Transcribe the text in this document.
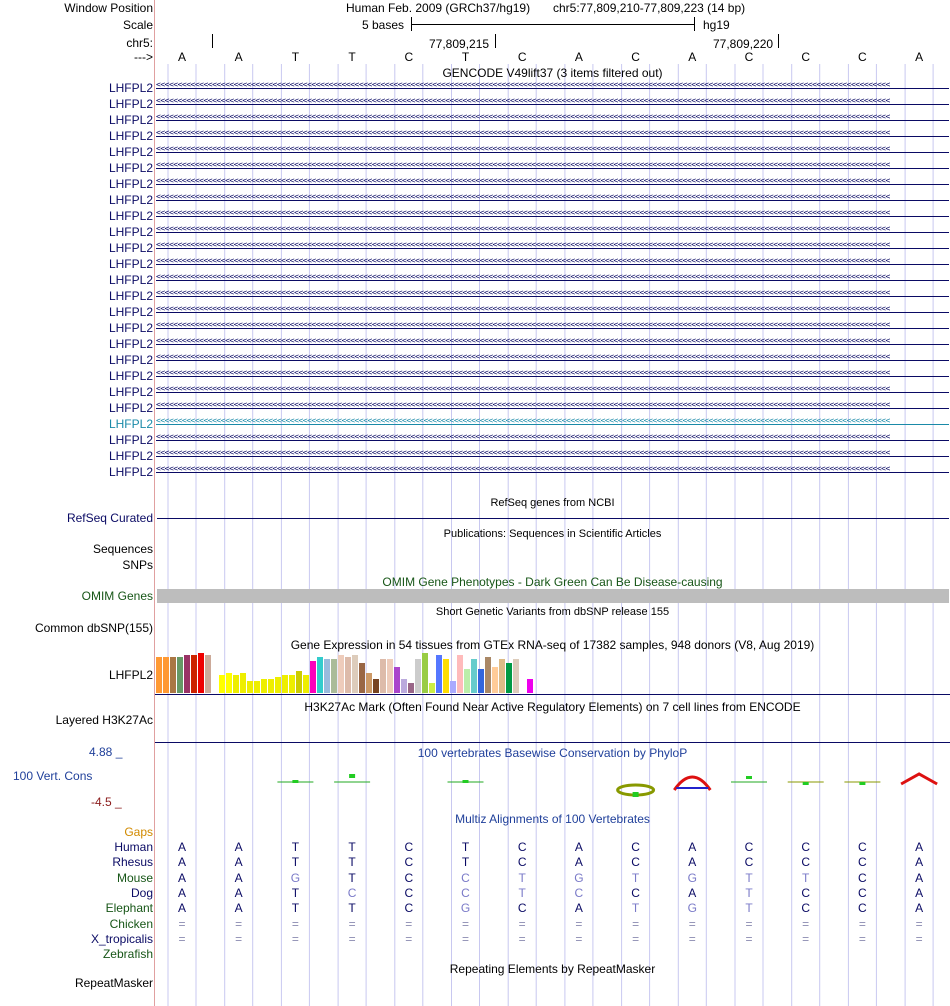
Window Position	Human Feb. 2009 (GRCh37/hg19) chr5:77,809,210-77,809,223 (14 bp)
Scale	5 bases	hg19
chr5:	77,809,215	77,809,220
--->	A	A	T	T	C	T	C	A	C	A	C	C	C	A
GENCODE V49lift37 (3 items filtered out)
LHFPL2 <<<<<<<<<<<<<<<<<<<<<<<<<<<<<<<<<<<<<<<<<<<<<<<<<<<<<<<<<<<<<<<<<<<<<<<<<<<<<<<<<<<<<<<<<<<<<<<<<<<<<<<<<<<<<<<<<<<<<<<<<<<<<<<<<<<<<<<<<<<<<<<<<<<<<<<<<<<<<<<<<<<<<<<<<<
LHFPL2 <<<<<<<<<<<<<<<<<<<<<<<<<<<<<<<<<<<<<<<<<<<<<<<<<<<<<<<<<<<<<<<<<<<<<<<<<<<<<<<<<<<<<<<<<<<<<<<<<<<<<<<<<<<<<<<<<<<<<<<<<<<<<<<<<<<<<<<<<<<<<<<<<<<<<<<<<<<<<<<<<<<<<<<<<<
LHFPL2 <<<<<<<<<<<<<<<<<<<<<<<<<<<<<<<<<<<<<<<<<<<<<<<<<<<<<<<<<<<<<<<<<<<<<<<<<<<<<<<<<<<<<<<<<<<<<<<<<<<<<<<<<<<<<<<<<<<<<<<<<<<<<<<<<<<<<<<<<<<<<<<<<<<<<<<<<<<<<<<<<<<<<<<<<<
LHFPL2 <<<<<<<<<<<<<<<<<<<<<<<<<<<<<<<<<<<<<<<<<<<<<<<<<<<<<<<<<<<<<<<<<<<<<<<<<<<<<<<<<<<<<<<<<<<<<<<<<<<<<<<<<<<<<<<<<<<<<<<<<<<<<<<<<<<<<<<<<<<<<<<<<<<<<<<<<<<<<<<<<<<<<<<<<<
LHFPL2 <<<<<<<<<<<<<<<<<<<<<<<<<<<<<<<<<<<<<<<<<<<<<<<<<<<<<<<<<<<<<<<<<<<<<<<<<<<<<<<<<<<<<<<<<<<<<<<<<<<<<<<<<<<<<<<<<<<<<<<<<<<<<<<<<<<<<<<<<<<<<<<<<<<<<<<<<<<<<<<<<<<<<<<<<<
LHFPL2 <<<<<<<<<<<<<<<<<<<<<<<<<<<<<<<<<<<<<<<<<<<<<<<<<<<<<<<<<<<<<<<<<<<<<<<<<<<<<<<<<<<<<<<<<<<<<<<<<<<<<<<<<<<<<<<<<<<<<<<<<<<<<<<<<<<<<<<<<<<<<<<<<<<<<<<<<<<<<<<<<<<<<<<<<<
LHFPL2 <<<<<<<<<<<<<<<<<<<<<<<<<<<<<<<<<<<<<<<<<<<<<<<<<<<<<<<<<<<<<<<<<<<<<<<<<<<<<<<<<<<<<<<<<<<<<<<<<<<<<<<<<<<<<<<<<<<<<<<<<<<<<<<<<<<<<<<<<<<<<<<<<<<<<<<<<<<<<<<<<<<<<<<<<<
LHFPL2 <<<<<<<<<<<<<<<<<<<<<<<<<<<<<<<<<<<<<<<<<<<<<<<<<<<<<<<<<<<<<<<<<<<<<<<<<<<<<<<<<<<<<<<<<<<<<<<<<<<<<<<<<<<<<<<<<<<<<<<<<<<<<<<<<<<<<<<<<<<<<<<<<<<<<<<<<<<<<<<<<<<<<<<<<<
LHFPL2 <<<<<<<<<<<<<<<<<<<<<<<<<<<<<<<<<<<<<<<<<<<<<<<<<<<<<<<<<<<<<<<<<<<<<<<<<<<<<<<<<<<<<<<<<<<<<<<<<<<<<<<<<<<<<<<<<<<<<<<<<<<<<<<<<<<<<<<<<<<<<<<<<<<<<<<<<<<<<<<<<<<<<<<<<<
LHFPL2 <<<<<<<<<<<<<<<<<<<<<<<<<<<<<<<<<<<<<<<<<<<<<<<<<<<<<<<<<<<<<<<<<<<<<<<<<<<<<<<<<<<<<<<<<<<<<<<<<<<<<<<<<<<<<<<<<<<<<<<<<<<<<<<<<<<<<<<<<<<<<<<<<<<<<<<<<<<<<<<<<<<<<<<<<<
LHFPL2 <<<<<<<<<<<<<<<<<<<<<<<<<<<<<<<<<<<<<<<<<<<<<<<<<<<<<<<<<<<<<<<<<<<<<<<<<<<<<<<<<<<<<<<<<<<<<<<<<<<<<<<<<<<<<<<<<<<<<<<<<<<<<<<<<<<<<<<<<<<<<<<<<<<<<<<<<<<<<<<<<<<<<<<<<<
LHFPL2 <<<<<<<<<<<<<<<<<<<<<<<<<<<<<<<<<<<<<<<<<<<<<<<<<<<<<<<<<<<<<<<<<<<<<<<<<<<<<<<<<<<<<<<<<<<<<<<<<<<<<<<<<<<<<<<<<<<<<<<<<<<<<<<<<<<<<<<<<<<<<<<<<<<<<<<<<<<<<<<<<<<<<<<<<<
LHFPL2 <<<<<<<<<<<<<<<<<<<<<<<<<<<<<<<<<<<<<<<<<<<<<<<<<<<<<<<<<<<<<<<<<<<<<<<<<<<<<<<<<<<<<<<<<<<<<<<<<<<<<<<<<<<<<<<<<<<<<<<<<<<<<<<<<<<<<<<<<<<<<<<<<<<<<<<<<<<<<<<<<<<<<<<<<<
LHFPL2 <<<<<<<<<<<<<<<<<<<<<<<<<<<<<<<<<<<<<<<<<<<<<<<<<<<<<<<<<<<<<<<<<<<<<<<<<<<<<<<<<<<<<<<<<<<<<<<<<<<<<<<<<<<<<<<<<<<<<<<<<<<<<<<<<<<<<<<<<<<<<<<<<<<<<<<<<<<<<<<<<<<<<<<<<<
LHFPL2 <<<<<<<<<<<<<<<<<<<<<<<<<<<<<<<<<<<<<<<<<<<<<<<<<<<<<<<<<<<<<<<<<<<<<<<<<<<<<<<<<<<<<<<<<<<<<<<<<<<<<<<<<<<<<<<<<<<<<<<<<<<<<<<<<<<<<<<<<<<<<<<<<<<<<<<<<<<<<<<<<<<<<<<<<<
LHFPL2 <<<<<<<<<<<<<<<<<<<<<<<<<<<<<<<<<<<<<<<<<<<<<<<<<<<<<<<<<<<<<<<<<<<<<<<<<<<<<<<<<<<<<<<<<<<<<<<<<<<<<<<<<<<<<<<<<<<<<<<<<<<<<<<<<<<<<<<<<<<<<<<<<<<<<<<<<<<<<<<<<<<<<<<<<<
LHFPL2 <<<<<<<<<<<<<<<<<<<<<<<<<<<<<<<<<<<<<<<<<<<<<<<<<<<<<<<<<<<<<<<<<<<<<<<<<<<<<<<<<<<<<<<<<<<<<<<<<<<<<<<<<<<<<<<<<<<<<<<<<<<<<<<<<<<<<<<<<<<<<<<<<<<<<<<<<<<<<<<<<<<<<<<<<<
LHFPL2 <<<<<<<<<<<<<<<<<<<<<<<<<<<<<<<<<<<<<<<<<<<<<<<<<<<<<<<<<<<<<<<<<<<<<<<<<<<<<<<<<<<<<<<<<<<<<<<<<<<<<<<<<<<<<<<<<<<<<<<<<<<<<<<<<<<<<<<<<<<<<<<<<<<<<<<<<<<<<<<<<<<<<<<<<<
LHFPL2 <<<<<<<<<<<<<<<<<<<<<<<<<<<<<<<<<<<<<<<<<<<<<<<<<<<<<<<<<<<<<<<<<<<<<<<<<<<<<<<<<<<<<<<<<<<<<<<<<<<<<<<<<<<<<<<<<<<<<<<<<<<<<<<<<<<<<<<<<<<<<<<<<<<<<<<<<<<<<<<<<<<<<<<<<<
LHFPL2 <<<<<<<<<<<<<<<<<<<<<<<<<<<<<<<<<<<<<<<<<<<<<<<<<<<<<<<<<<<<<<<<<<<<<<<<<<<<<<<<<<<<<<<<<<<<<<<<<<<<<<<<<<<<<<<<<<<<<<<<<<<<<<<<<<<<<<<<<<<<<<<<<<<<<<<<<<<<<<<<<<<<<<<<<<
LHFPL2 <<<<<<<<<<<<<<<<<<<<<<<<<<<<<<<<<<<<<<<<<<<<<<<<<<<<<<<<<<<<<<<<<<<<<<<<<<<<<<<<<<<<<<<<<<<<<<<<<<<<<<<<<<<<<<<<<<<<<<<<<<<<<<<<<<<<<<<<<<<<<<<<<<<<<<<<<<<<<<<<<<<<<<<<<<
LHFPL2 <<<<<<<<<<<<<<<<<<<<<<<<<<<<<<<<<<<<<<<<<<<<<<<<<<<<<<<<<<<<<<<<<<<<<<<<<<<<<<<<<<<<<<<<<<<<<<<<<<<<<<<<<<<<<<<<<<<<<<<<<<<<<<<<<<<<<<<<<<<<<<<<<<<<<<<<<<<<<<<<<<<<<<<<<<
LHFPL2 <<<<<<<<<<<<<<<<<<<<<<<<<<<<<<<<<<<<<<<<<<<<<<<<<<<<<<<<<<<<<<<<<<<<<<<<<<<<<<<<<<<<<<<<<<<<<<<<<<<<<<<<<<<<<<<<<<<<<<<<<<<<<<<<<<<<<<<<<<<<<<<<<<<<<<<<<<<<<<<<<<<<<<<<<<
LHFPL2 <<<<<<<<<<<<<<<<<<<<<<<<<<<<<<<<<<<<<<<<<<<<<<<<<<<<<<<<<<<<<<<<<<<<<<<<<<<<<<<<<<<<<<<<<<<<<<<<<<<<<<<<<<<<<<<<<<<<<<<<<<<<<<<<<<<<<<<<<<<<<<<<<<<<<<<<<<<<<<<<<<<<<<<<<<
LHFPL2 <<<<<<<<<<<<<<<<<<<<<<<<<<<<<<<<<<<<<<<<<<<<<<<<<<<<<<<<<<<<<<<<<<<<<<<<<<<<<<<<<<<<<<<<<<<<<<<<<<<<<<<<<<<<<<<<<<<<<<<<<<<<<<<<<<<<<<<<<<<<<<<<<<<<<<<<<<<<<<<<<<<<<<<<<<
RefSeq genes from NCBI
RefSeq Curated
Publications: Sequences in Scientific Articles
Sequences
SNPs
OMIM Gene Phenotypes - Dark Green Can Be Disease-causing
OMIM Genes
Short Genetic Variants from dbSNP release 155
Common dbSNP(155)
Gene Expression in 54 tissues from GTEx RNA-seq of 17382 samples, 948 donors (V8, Aug 2019)
LHFPL2
H3K27Ac Mark (Often Found Near Active Regulatory Elements) on 7 cell lines from ENCODE
Layered H3K27Ac
100 vertebrates Basewise Conservation by PhyloP
4.88 _
100 Vert. Cons
-4.5 _
Multiz Alignments of 100 Vertebrates
Gaps
Human	A	A	T	T	C	T	C	A	C	A	C	C	C	A
Rhesus	A	A	T	T	C	T	C	A	C	A	C	C	C	A
Mouse	A	A	G	T	C	C	T	G	T	G	T	T	C	A
Dog	A	A	T	C	C	C	T	C	C	A	T	C	C	A
Elephant	A	A	T	T	C	G	C	A	T	G	T	C	C	A
Chicken	=	=	=	=	=	=	=	=	=	=	=	=	=	=
X_tropicalis	=	=	=	=	=	=	=	=	=	=	=	=	=	=
Zebrafish
Repeating Elements by RepeatMasker
RepeatMasker
